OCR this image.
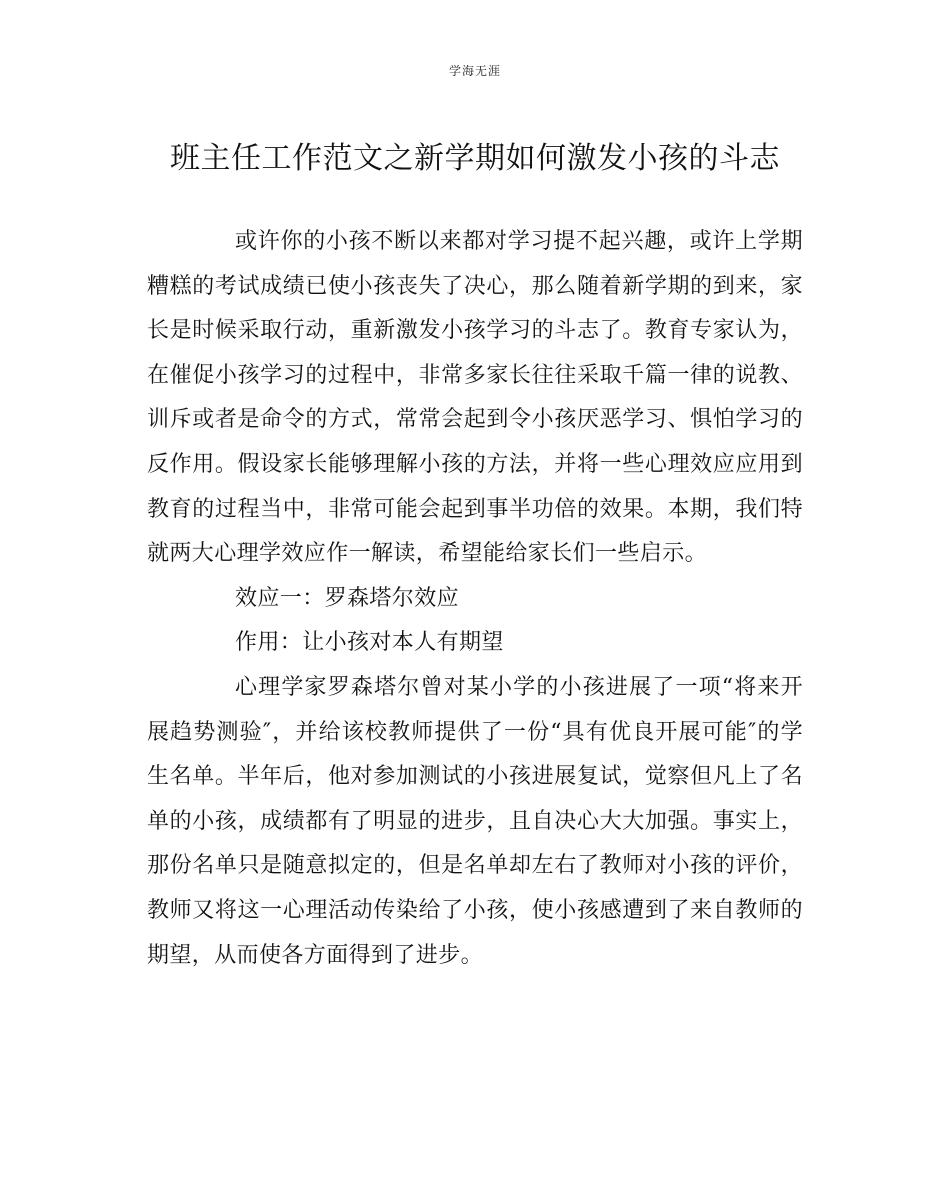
学海无涯
班主任工作范文之新学期如何激发小孩的斗志

或许你的小孩不断以来都对学习提不起兴趣，或许上学期糟糕的考试成绩已使小孩丧失了决心，那么随着新学期的到来，家长是时候采取行动，重新激发小孩学习的斗志了。教育专家认为，在催促小孩学习的过程中，非常多家长往往采取千篇一律的说教、训斥或者是命令的方式，常常会起到令小孩厌恶学习、惧怕学习的反作用。假设家长能够理解小孩的方法，并将一些心理效应应用到教育的过程当中，非常可能会起到事半功倍的效果。本期，我们特就两大心理学效应作一解读，希望能给家长们一些启示。

效应一：罗森塔尔效应

作用：让小孩对本人有期望

心理学家罗森塔尔曾对某小学的小孩进展了一项“将来开展趋势测验″，并给该校教师提供了一份“具有优良开展可能″的学生名单。半年后，他对参加测试的小孩进展复试，觉察但凡上了名单的小孩，成绩都有了明显的进步，且自决心大大加强。事实上，那份名单只是随意拟定的，但是名单却左右了教师对小孩的评价，教师又将这一心理活动传染给了小孩，使小孩感遭到了来自教师的期望，从而使各方面得到了进步。
